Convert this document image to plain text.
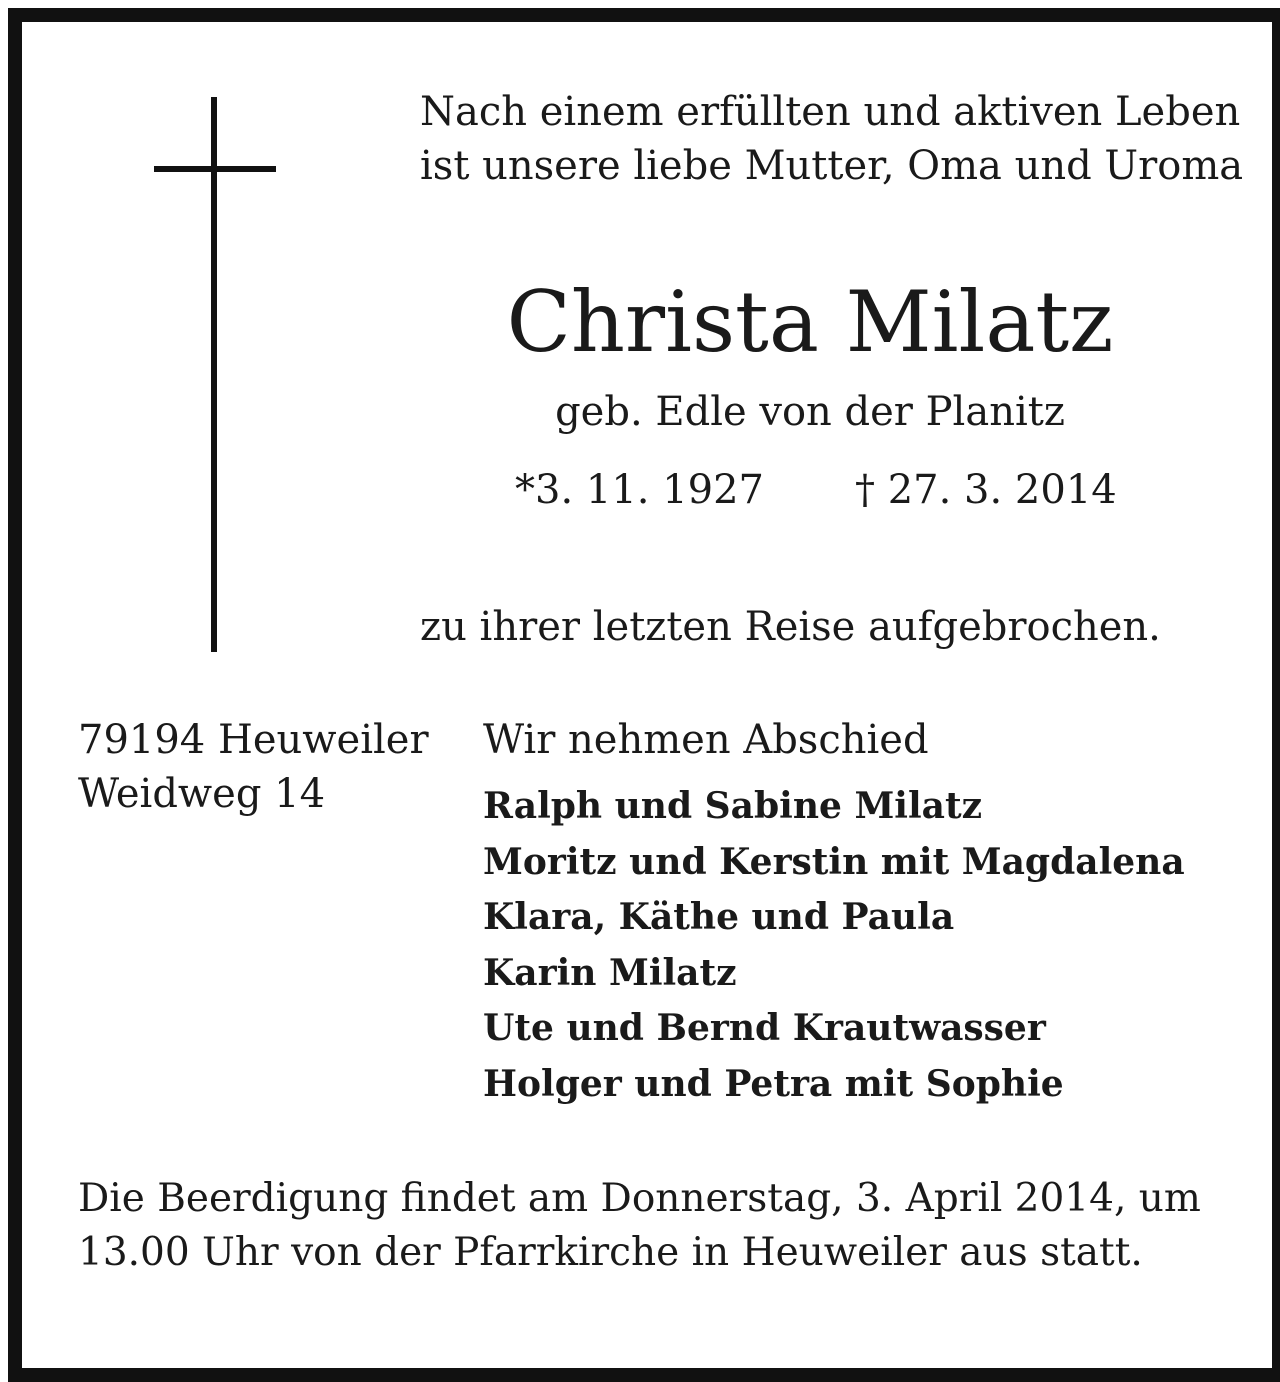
Nach einem erfüllten und aktiven Leben
ist unsere liebe Mutter, Oma und Uroma
Christa Milatz
geb. Edle von der Planitz
*3. 11. 1927 † 27. 3. 2014
zu ihrer letzten Reise aufgebrochen.
79194 Heuweiler
Weidweg 14
Wir nehmen Abschied
Ralph und Sabine Milatz
Moritz und Kerstin mit Magdalena
Klara, Käthe und Paula
Karin Milatz
Ute und Bernd Krautwasser
Holger und Petra mit Sophie
Die Beerdigung findet am Donnerstag, 3. April 2014, um
13.00 Uhr von der Pfarrkirche in Heuweiler aus statt.
